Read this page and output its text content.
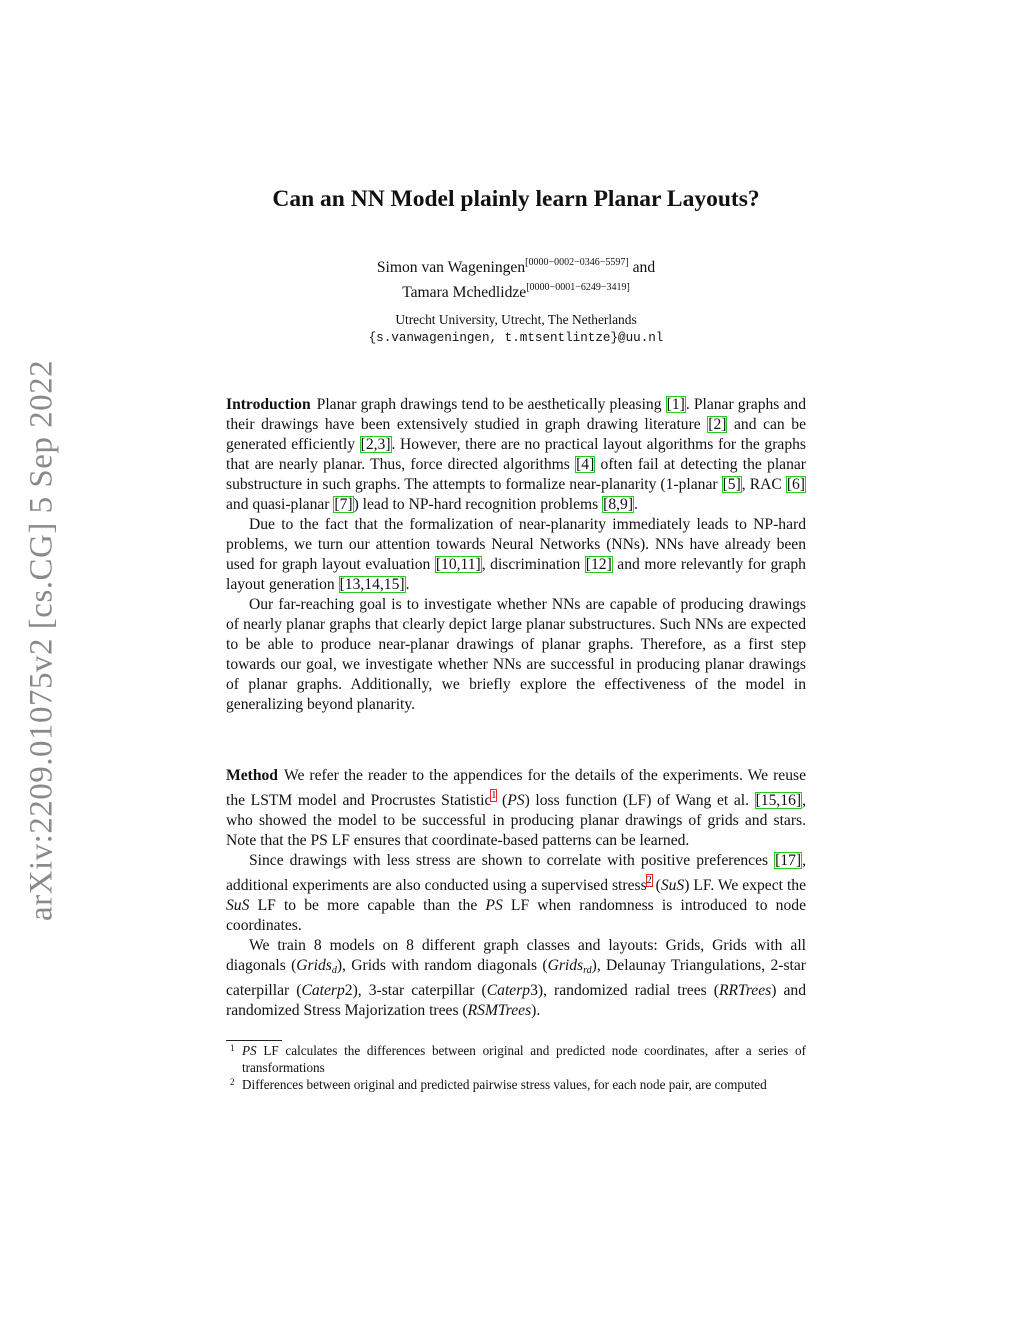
arXiv:2209.01075v2 [cs.CG] 5 Sep 2022
Can an NN Model plainly learn Planar Layouts?
Simon van Wageningen[0000−0002−0346−5597] and
Tamara Mchedlidze[0000−0001−6249−3419]
Utrecht University, Utrecht, The Netherlands
{s.vanwageningen, t.mtsentlintze}@uu.nl

Introduction Planar graph drawings tend to be aesthetically pleasing [1]. Planar graphs and their drawings have been extensively studied in graph drawing literature [2] and can be generated efficiently [2,3]. However, there are no practical layout algorithms for the graphs that are nearly planar. Thus, force directed algorithms [4] often fail at detecting the planar substructure in such graphs. The attempts to formalize near-planarity (1-planar [5], RAC [6] and quasi-planar [7]) lead to NP-hard recognition problems [8,9].

Due to the fact that the formalization of near-planarity immediately leads to NP-hard problems, we turn our attention towards Neural Networks (NNs). NNs have already been used for graph layout evaluation [10,11], discrimination [12] and more relevantly for graph layout generation [13,14,15].

Our far-reaching goal is to investigate whether NNs are capable of producing drawings of nearly planar graphs that clearly depict large planar substructures. Such NNs are expected to be able to produce near-planar drawings of planar graphs. Therefore, as a first step towards our goal, we investigate whether NNs are successful in producing planar drawings of planar graphs. Additionally, we briefly explore the effectiveness of the model in generalizing beyond planarity.

Method We refer the reader to the appendices for the details of the experiments. We reuse the LSTM model and Procrustes Statistic$^1$ (PS) loss function (LF) of Wang et al. [15,16], who showed the model to be successful in producing planar drawings of grids and stars. Note that the PS LF ensures that coordinate-based patterns can be learned.

Since drawings with less stress are shown to correlate with positive preferences [17], additional experiments are also conducted using a supervised stress$^2$ (SuS) LF. We expect the SuS LF to be more capable than the PS LF when randomness is introduced to node coordinates.

We train 8 models on 8 different graph classes and layouts: Grids, Grids with all diagonals (Grids$_d$), Grids with random diagonals (Grids$_{rd}$), Delaunay Triangulations, 2-star caterpillar (Caterp2), 3-star caterpillar (Caterp3), randomized radial trees (RRTrees) and randomized Stress Majorization trees (RSMTrees).

1 PS LF calculates the differences between original and predicted node coordinates, after a series of transformations

2 Differences between original and predicted pairwise stress values, for each node pair, are computed
